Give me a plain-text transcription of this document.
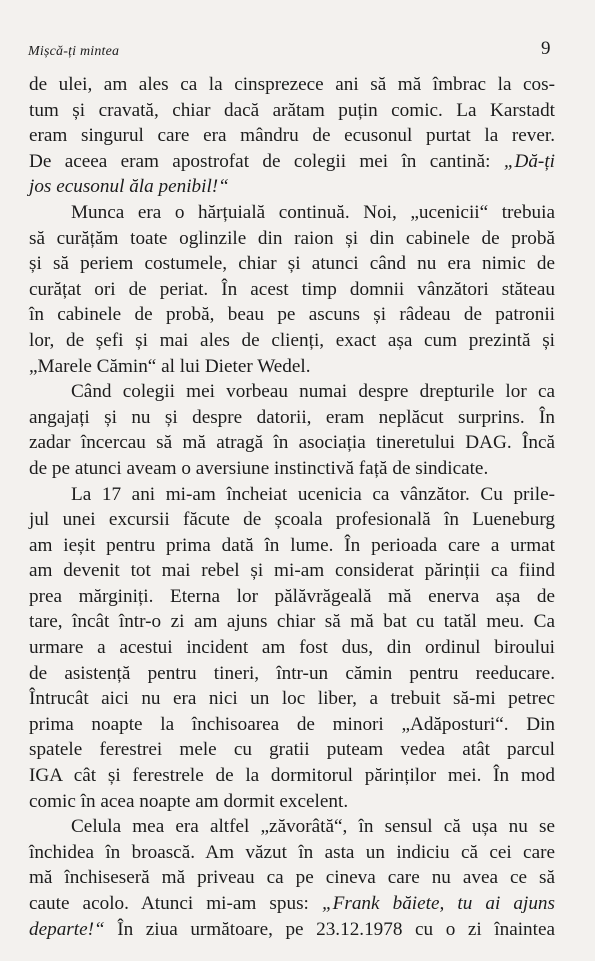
Mișcă-ți mintea	9
de ulei, am ales ca la cinsprezece ani să mă îmbrac la cos-
tum și cravată, chiar dacă arătam puțin comic. La Karstadt
eram singurul care era mândru de ecusonul purtat la rever.
De aceea eram apostrofat de colegii mei în cantină: „Dă-ți
jos ecusonul ăla penibil!“
Munca era o hărțuială continuă. Noi, „ucenicii“ trebuia
să curățăm toate oglinzile din raion și din cabinele de probă
și să periem costumele, chiar și atunci când nu era nimic de
curățat ori de periat. În acest timp domnii vânzători stăteau
în cabinele de probă, beau pe ascuns și râdeau de patronii
lor, de șefi și mai ales de clienți, exact așa cum prezintă și
„Marele Cămin“ al lui Dieter Wedel.
Când colegii mei vorbeau numai despre drepturile lor ca
angajați și nu și despre datorii, eram neplăcut surprins. În
zadar încercau să mă atragă în asociația tineretului DAG. Încă
de pe atunci aveam o aversiune instinctivă față de sindicate.
La 17 ani mi-am încheiat ucenicia ca vânzător. Cu prile-
jul unei excursii făcute de școala profesională în Lueneburg
am ieșit pentru prima dată în lume. În perioada care a urmat
am devenit tot mai rebel și mi-am considerat părinții ca fiind
prea mărginiți. Eterna lor pălăvrăgeală mă enerva așa de
tare, încât într-o zi am ajuns chiar să mă bat cu tatăl meu. Ca
urmare a acestui incident am fost dus, din ordinul biroului
de asistență pentru tineri, într-un cămin pentru reeducare.
Întrucât aici nu era nici un loc liber, a trebuit să-mi petrec
prima noapte la închisoarea de minori „Adăposturi“. Din
spatele ferestrei mele cu gratii puteam vedea atât parcul
IGA cât și ferestrele de la dormitorul părinților mei. În mod
comic în acea noapte am dormit excelent.
Celula mea era altfel „zăvorâtă“, în sensul că ușa nu se
închidea în broască. Am văzut în asta un indiciu că cei care
mă închiseseră mă priveau ca pe cineva care nu avea ce să
caute acolo. Atunci mi-am spus: „Frank băiete, tu ai ajuns
departe!“ În ziua următoare, pe 23.12.1978 cu o zi înaintea
